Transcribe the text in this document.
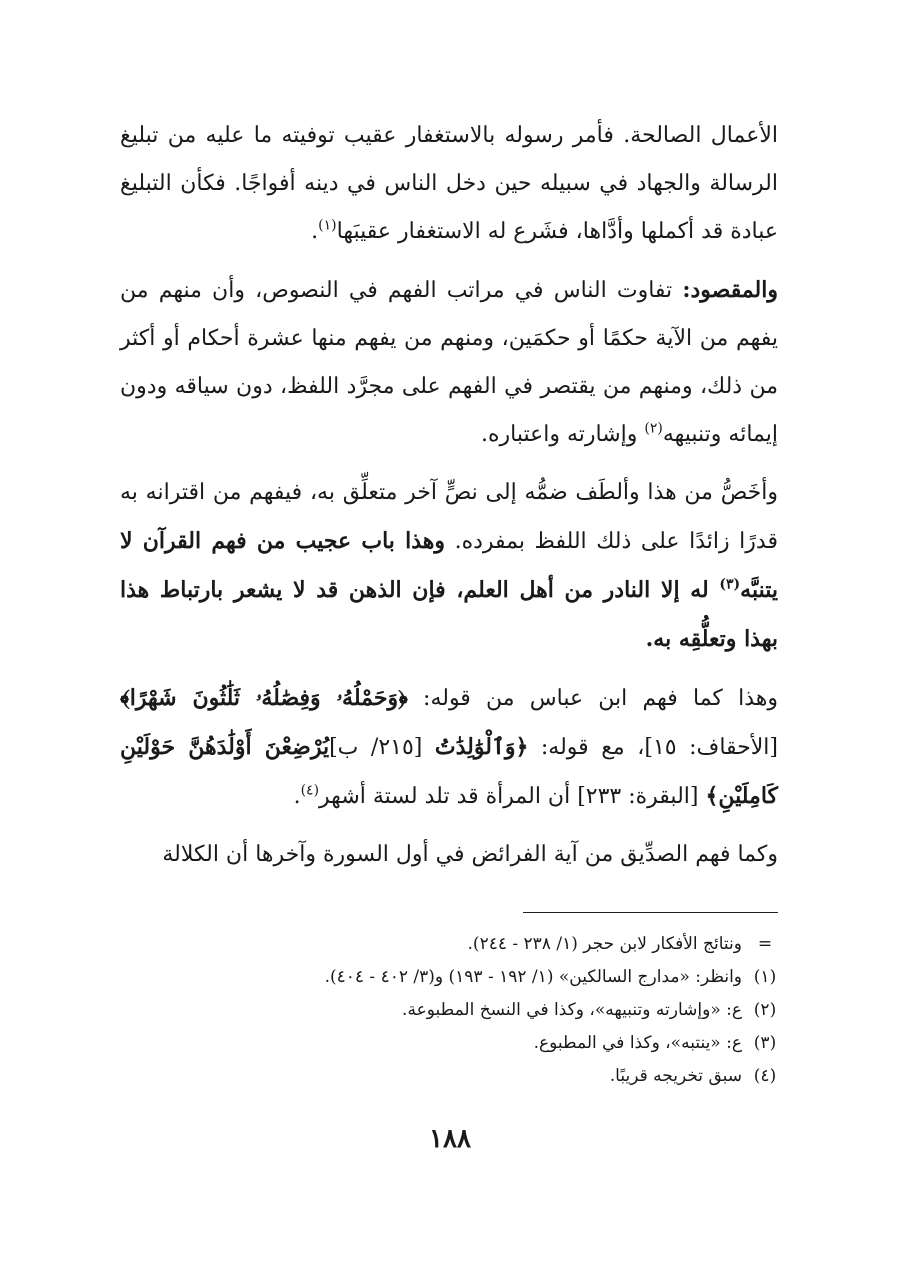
الأعمال الصالحة. فأمر رسوله بالاستغفار عقيب توفيته ما عليه من تبليغ الرسالة والجهاد في سبيله حين دخل الناس في دينه أفواجًا. فكأن التبليغ عبادة قد أكملها وأدَّاها، فشَرع له الاستغفار عقيبَها$^{(١)}$.

والمقصود: تفاوت الناس في مراتب الفهم في النصوص، وأن منهم من يفهم من الآية حكمًا أو حكمَين، ومنهم من يفهم منها عشرة أحكام أو أكثر من ذلك، ومنهم من يقتصر في الفهم على مجرَّد اللفظ، دون سياقه ودون إيمائه وتنبيهه$^{(٢)}$ وإشارته واعتباره.

وأخَصُّ من هذا وألطَف ضمُّه إلى نصٍّ آخر متعلِّق به، فيفهم من اقترانه به قدرًا زائدًا على ذلك اللفظ بمفرده. وهذا باب عجيب من فهم القرآن لا يتنبَّه$^{(٣)}$ له إلا النادر من أهل العلم، فإن الذهن قد لا يشعر بارتباط هذا بهذا وتعلُّقِه به.

وهذا كما فهم ابن عباس من قوله: ﴿وَحَمْلُهُۥ وَفِصَٰلُهُۥ ثَلَٰثُونَ شَهْرًا﴾ [الأحقاف: ١٥]، مع قوله: ﴿وَٱلْوَٰلِدَٰتُ [٢١٥/ ب]يُرْضِعْنَ أَوْلَٰدَهُنَّ حَوْلَيْنِ كَامِلَيْنِ﴾ [البقرة: ٢٣٣] أن المرأة قد تلد لستة أشهر$^{(٤)}$.

وكما فهم الصدِّيق من آية الفرائض في أول السورة وآخرها أن الكلالة

=
ونتائج الأفكار لابن حجر (١/ ٢٣٨ - ٢٤٤).
(١)
وانظر: «مدارج السالكين» (١/ ١٩٢ - ١٩٣) و(٣/ ٤٠٢ - ٤٠٤).
(٢)
ع: «وإشارته وتنبيهه»، وكذا في النسخ المطبوعة.
(٣)
ع: «ينتبه»، وكذا في المطبوع.
(٤)
سبق تخريجه قريبًا.
١٨٨
